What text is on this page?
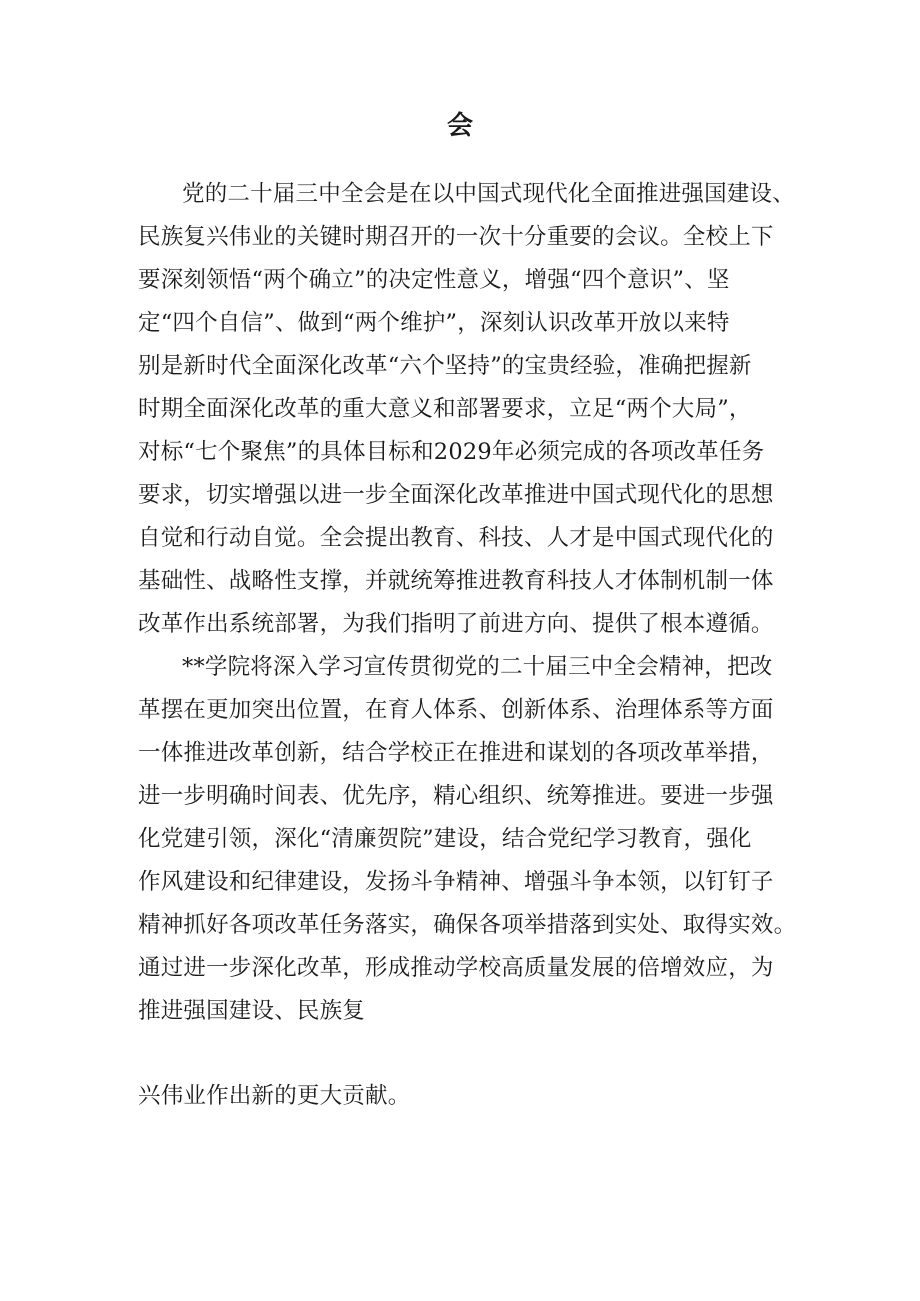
会
党的二十届三中全会是在以中国式现代化全面推进强国建设、
民族复兴伟业的关键时期召开的一次十分重要的会议。全校上下
要深刻领悟“两个确立”的决定性意义，增强“四个意识”、坚
定“四个自信”、做到“两个维护”，深刻认识改革开放以来特
别是新时代全面深化改革“六个坚持”的宝贵经验，准确把握新
时期全面深化改革的重大意义和部署要求，立足“两个大局”，
对标“七个聚焦”的具体目标和2029年必须完成的各项改革任务
要求，切实增强以进一步全面深化改革推进中国式现代化的思想
自觉和行动自觉。全会提出教育、科技、人才是中国式现代化的
基础性、战略性支撑，并就统筹推进教育科技人才体制机制一体
改革作出系统部署，为我们指明了前进方向、提供了根本遵循。
**学院将深入学习宣传贯彻党的二十届三中全会精神，把改
革摆在更加突出位置，在育人体系、创新体系、治理体系等方面
一体推进改革创新，结合学校正在推进和谋划的各项改革举措，
进一步明确时间表、优先序，精心组织、统筹推进。要进一步强
化党建引领，深化“清廉贺院”建设，结合党纪学习教育，强化
作风建设和纪律建设，发扬斗争精神、增强斗争本领，以钉钉子
精神抓好各项改革任务落实，确保各项举措落到实处、取得实效。
通过进一步深化改革，形成推动学校高质量发展的倍增效应，为
推进强国建设、民族复
兴伟业作出新的更大贡献。
